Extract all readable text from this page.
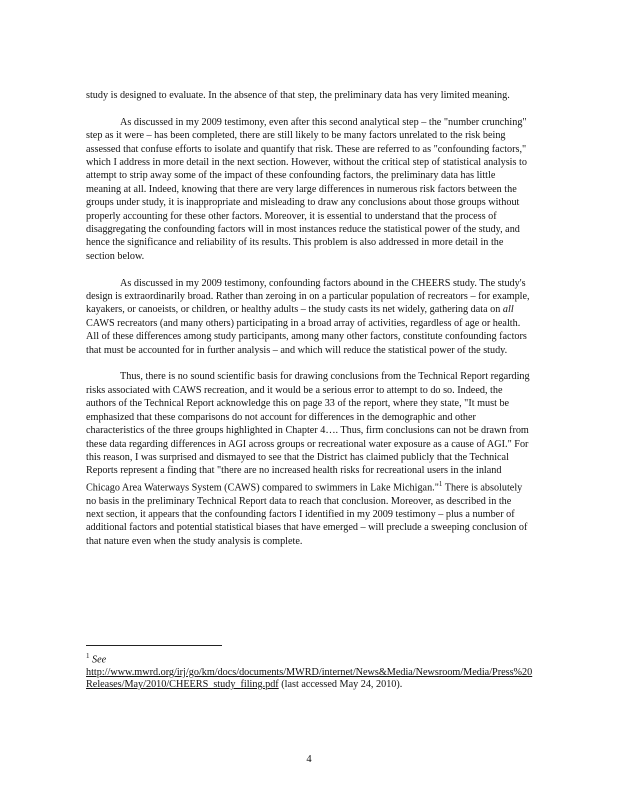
study is designed to evaluate. In the absence of that step, the preliminary data has very limited meaning.

As discussed in my 2009 testimony, even after this second analytical step – the "number crunching" step as it were – has been completed, there are still likely to be many factors unrelated to the risk being assessed that confuse efforts to isolate and quantify that risk. These are referred to as "confounding factors," which I address in more detail in the next section. However, without the critical step of statistical analysis to attempt to strip away some of the impact of these confounding factors, the preliminary data has little meaning at all. Indeed, knowing that there are very large differences in numerous risk factors between the groups under study, it is inappropriate and misleading to draw any conclusions about those groups without properly accounting for these other factors. Moreover, it is essential to understand that the process of disaggregating the confounding factors will in most instances reduce the statistical power of the study, and hence the significance and reliability of its results. This problem is also addressed in more detail in the section below.

As discussed in my 2009 testimony, confounding factors abound in the CHEERS study. The study's design is extraordinarily broad. Rather than zeroing in on a particular population of recreators – for example, kayakers, or canoeists, or children, or healthy adults – the study casts its net widely, gathering data on all CAWS recreators (and many others) participating in a broad array of activities, regardless of age or health. All of these differences among study participants, among many other factors, constitute confounding factors that must be accounted for in further analysis – and which will reduce the statistical power of the study.

Thus, there is no sound scientific basis for drawing conclusions from the Technical Report regarding risks associated with CAWS recreation, and it would be a serious error to attempt to do so. Indeed, the authors of the Technical Report acknowledge this on page 33 of the report, where they state, "It must be emphasized that these comparisons do not account for differences in the demographic and other characteristics of the three groups highlighted in Chapter 4…. Thus, firm conclusions can not be drawn from these data regarding differences in AGI across groups or recreational water exposure as a cause of AGI." For this reason, I was surprised and dismayed to see that the District has claimed publicly that the Technical Reports represent a finding that "there are no increased health risks for recreational users in the inland Chicago Area Waterways System (CAWS) compared to swimmers in Lake Michigan."$^1$ There is absolutely no basis in the preliminary Technical Report data to reach that conclusion. Moreover, as described in the next section, it appears that the confounding factors I identified in my 2009 testimony – plus a number of additional factors and potential statistical biases that have emerged – will preclude a sweeping conclusion of that nature even when the study analysis is complete.

$^1$ See
http://www.mwrd.org/irj/go/km/docs/documents/MWRD/internet/News&Media/Newsroom/Media/Press%20Releases/May/2010/CHEERS_study_filing.pdf (last accessed May 24, 2010).
4
